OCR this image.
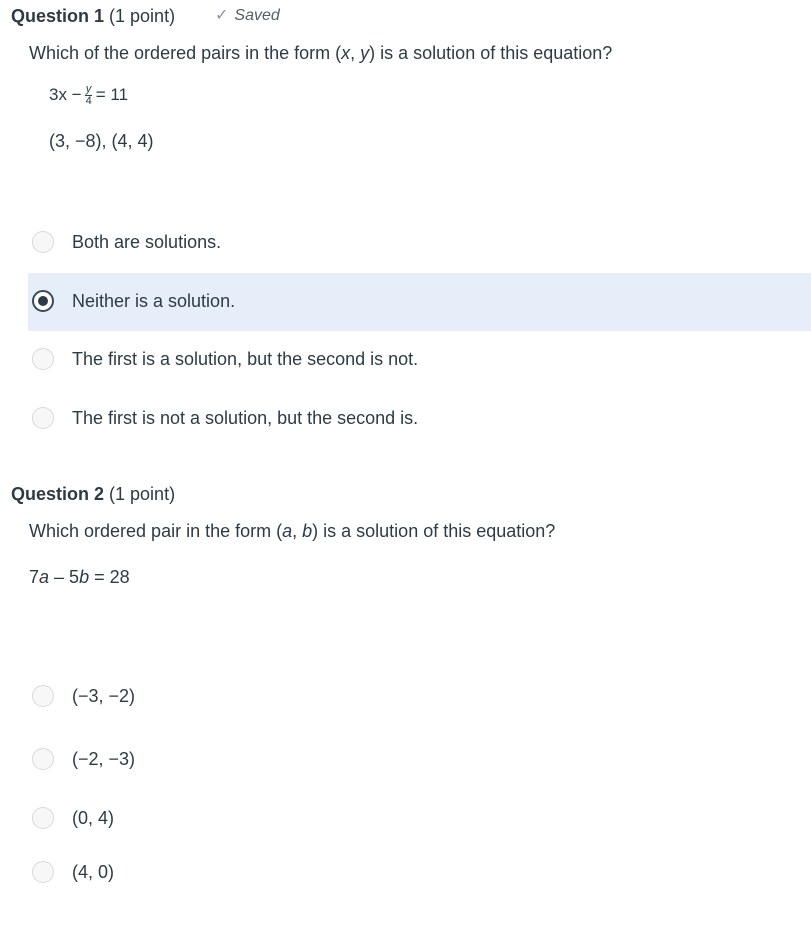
Question 1 (1 point) ✓ Saved
Which of the ordered pairs in the form (x, y) is a solution of this equation?
$3x - \frac{y}{4} = 11$
(3, −8), (4, 4)
Both are solutions.
Neither is a solution.
The first is a solution, but the second is not.
The first is not a solution, but the second is.
Question 2 (1 point)
Which ordered pair in the form (a, b) is a solution of this equation?
7a – 5b = 28
(−3, −2)
(−2, −3)
(0, 4)
(4, 0)
